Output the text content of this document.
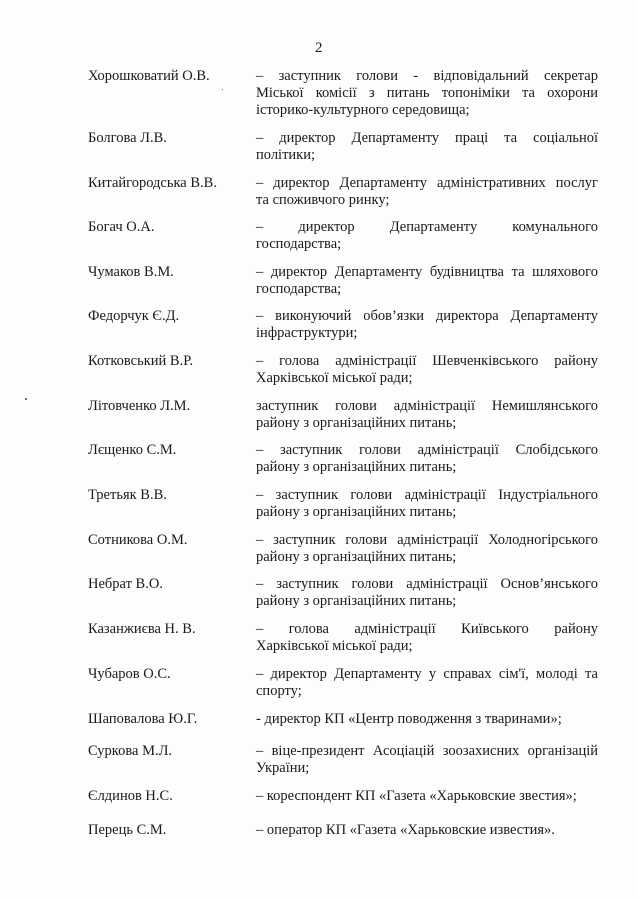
2
Хорошковатий О.В.	– заступник голови - відповідальний секретар
Міської комісії з питань топоніміки та охорони
історико-культурного середовища;
Болгова Л.В.	– директор Департаменту праці та соціальної
політики;
Китайгородська В.В.	– директор Департаменту адміністративних послуг
та споживчого ринку;
Богач О.А.	– директор Департаменту комунального
господарства;
Чумаков В.М.	– директор Департаменту будівництва та шляхового
господарства;
Федорчук Є.Д.	– виконуючий обов’язки директора Департаменту
інфраструктури;
Котковський В.Р.	– голова адміністрації Шевченківського району
Харківської міської ради;
Літовченко Л.М.	заступник голови адміністрації Немишлянського
району з організаційних питань;
Лєщенко С.М.	– заступник голови адміністрації Слобідського
району з організаційних питань;
Третьяк В.В.	– заступник голови адміністрації Індустріального
району з організаційних питань;
Сотникова О.М.	– заступник голови адміністрації Холодногірського
району з організаційних питань;
Небрат В.О.	– заступник голови адміністрації Основ’янського
району з організаційних питань;
Казанжиєва Н. В.	– голова адміністрації Київського району
Харківської міської ради;
Чубаров О.С.	– директор Департаменту у справах сім'ї, молоді та
спорту;
Шаповалова Ю.Г.	- директор КП «Центр поводження з тваринами»;
Суркова М.Л.	– віце-президент Асоціацій зоозахисних організацій
України;
Єлдинов Н.С.	– кореспондент КП «Газета «Харьковские звестия»;
Перець С.М.	– оператор КП «Газета «Харьковские известия».
